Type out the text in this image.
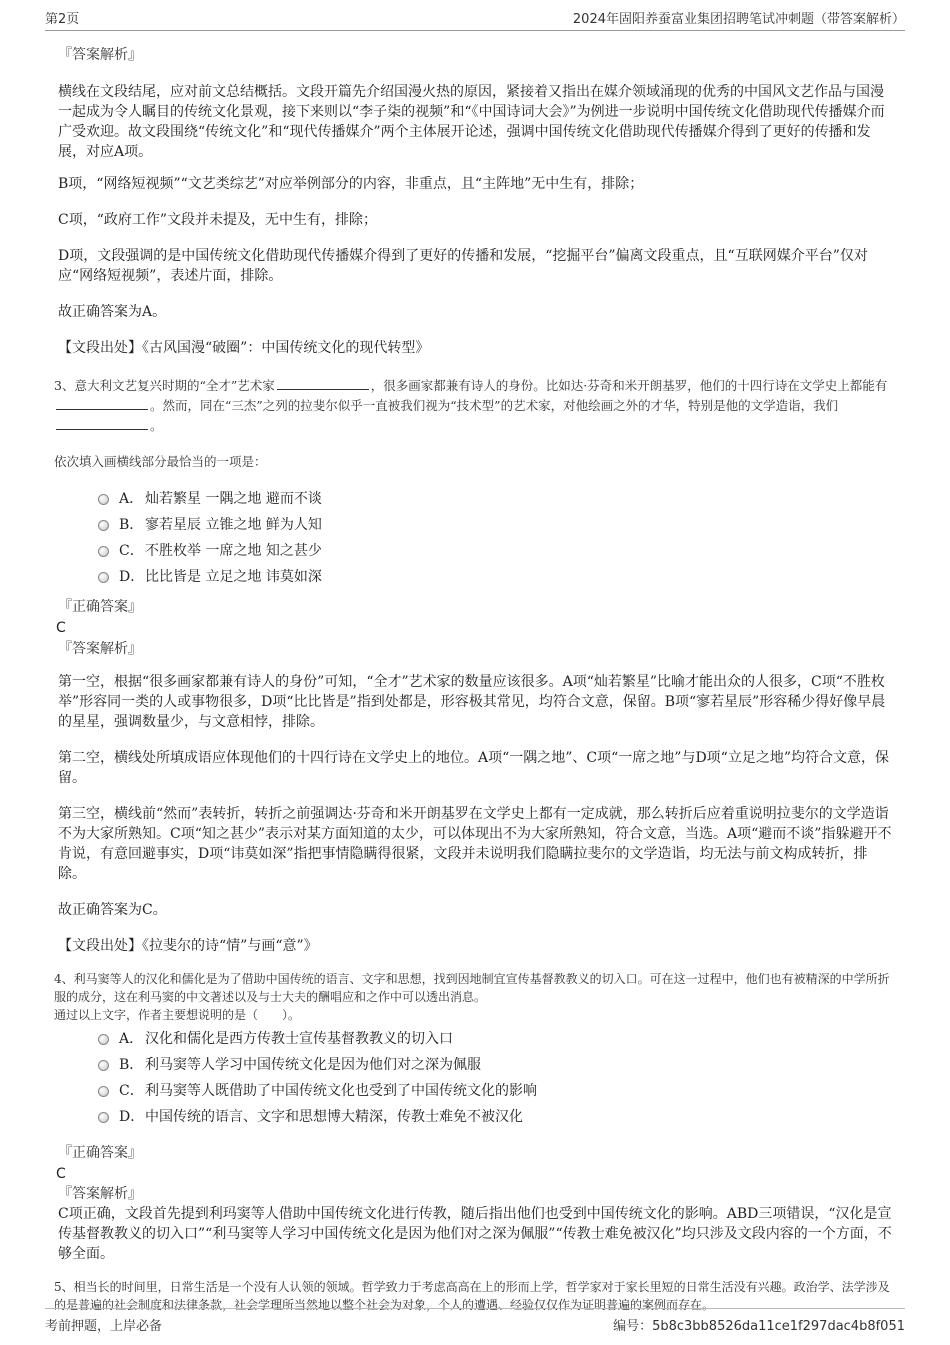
第2页	2024年固阳养蚕富业集团招聘笔试冲刺题（带答案解析）
『答案解析』
横线在文段结尾，应对前文总结概括。文段开篇先介绍国漫火热的原因，紧接着又指出在媒介领域涌现的优秀的中国风文艺作品与国漫一起成为令人瞩目的传统文化景观，接下来则以“李子柒的视频”和“《中国诗词大会》”为例进一步说明中国传统文化借助现代传播媒介而广受欢迎。故文段围绕“传统文化”和“现代传播媒介”两个主体展开论述，强调中国传统文化借助现代传播媒介得到了更好的传播和发展，对应A项。
B项，“网络短视频”“文艺类综艺”对应举例部分的内容，非重点，且“主阵地”无中生有，排除；
C项，“政府工作”文段并未提及，无中生有，排除；
D项，文段强调的是中国传统文化借助现代传播媒介得到了更好的传播和发展，“挖掘平台”偏离文段重点，且“互联网媒介平台”仅对应“网络短视频”，表述片面，排除。
故正确答案为A。
【文段出处】《古风国漫“破圈”：中国传统文化的现代转型》
3、意大利文艺复兴时期的“全才”艺术家	，很多画家都兼有诗人的身份。比如达·芬奇和米开朗基罗，他们的十四行诗在文学史上都能有。然而，同在“三杰”之列的拉斐尔似乎一直被我们视为“技术型”的艺术家，对他绘画之外的才华，特别是他的文学造诣，我们。
依次填入画横线部分最恰当的一项是：
A． 灿若繁星 一隅之地 避而不谈
B． 寥若星辰 立锥之地 鲜为人知
C． 不胜枚举 一席之地 知之甚少
D． 比比皆是 立足之地 讳莫如深
『正确答案』
C
『答案解析』
第一空，根据“很多画家都兼有诗人的身份”可知，“全才”艺术家的数量应该很多。A项“灿若繁星”比喻才能出众的人很多，C项“不胜枚举”形容同一类的人或事物很多，D项“比比皆是”指到处都是，形容极其常见，均符合文意，保留。B项“寥若星辰”形容稀少得好像早晨的星星，强调数量少，与文意相悖，排除。
第二空，横线处所填成语应体现他们的十四行诗在文学史上的地位。A项“一隅之地”、C项“一席之地”与D项“立足之地”均符合文意，保留。
第三空，横线前“然而”表转折，转折之前强调达·芬奇和米开朗基罗在文学史上都有一定成就，那么转折后应着重说明拉斐尔的文学造诣不为大家所熟知。C项“知之甚少”表示对某方面知道的太少，可以体现出不为大家所熟知，符合文意，当选。A项“避而不谈”指躲避开不肯说，有意回避事实，D项“讳莫如深”指把事情隐瞒得很紧，文段并未说明我们隐瞒拉斐尔的文学造诣，均无法与前文构成转折，排除。
故正确答案为C。
【文段出处】《拉斐尔的诗“情”与画“意”》
4、利马窦等人的汉化和儒化是为了借助中国传统的语言、文字和思想，找到因地制宜宣传基督教教义的切入口。可在这一过程中，他们也有被精深的中学所折服的成分，这在利马窦的中文著述以及与士大夫的酬唱应和之作中可以透出消息。
通过以上文字，作者主要想说明的是（　　）。
A． 汉化和儒化是西方传教士宣传基督教教义的切入口
B． 利马窦等人学习中国传统文化是因为他们对之深为佩服
C． 利马窦等人既借助了中国传统文化也受到了中国传统文化的影响
D． 中国传统的语言、文字和思想博大精深，传教士难免不被汉化
『正确答案』
C
『答案解析』
C项正确，文段首先提到利玛窦等人借助中国传统文化进行传教，随后指出他们也受到中国传统文化的影响。ABD三项错误，“汉化是宣传基督教教义的切入口”“利马窦等人学习中国传统文化是因为他们对之深为佩服”“传教士难免被汉化”均只涉及文段内容的一个方面，不够全面。
5、相当长的时间里，日常生活是一个没有人认领的领域。哲学致力于考虑高高在上的形而上学，哲学家对于家长里短的日常生活没有兴趣。政治学、法学涉及的是普遍的社会制度和法律条款，社会学理所当然地以整个社会为对象，个人的遭遇、经验仅仅作为证明普遍的案例而存在。
考前押题，上岸必备	编号：5b8c3bb8526da11ce1f297dac4b8f051
